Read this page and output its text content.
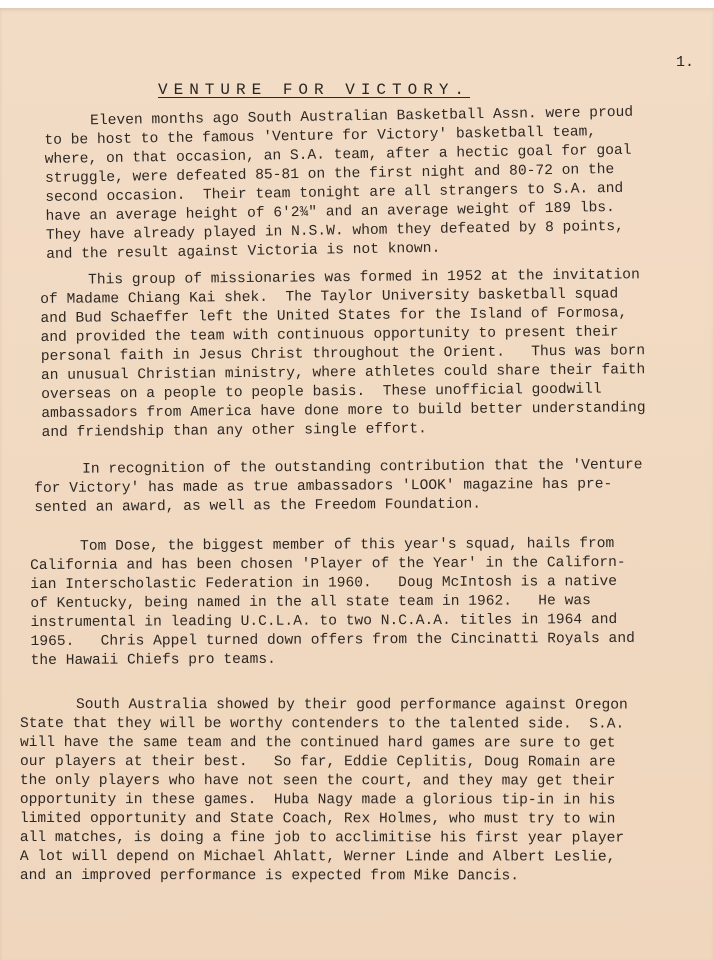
1.
VENTURE FOR VICTORY.
Eleven months ago South Australian Basketball Assn. were proud
to be host to the famous 'Venture for Victory' basketball team,
where, on that occasion, an S.A. team, after a hectic goal for goal
struggle, were defeated 85-81 on the first night and 80-72 on the
second occasion.  Their team tonight are all strangers to S.A. and
have an average height of 6'2¾" and an average weight of 189 lbs.
They have already played in N.S.W. whom they defeated by 8 points,
and the result against Victoria is not known.
This group of missionaries was formed in 1952 at the invitation
of Madame Chiang Kai shek.  The Taylor University basketball squad
and Bud Schaeffer left the United States for the Island of Formosa,
and provided the team with continuous opportunity to present their
personal faith in Jesus Christ throughout the Orient.   Thus was born
an unusual Christian ministry, where athletes could share their faith
overseas on a people to people basis.  These unofficial goodwill
ambassadors from America have done more to build better understanding
and friendship than any other single effort.
In recognition of the outstanding contribution that the 'Venture
for Victory' has made as true ambassadors 'LOOK' magazine has pre-
sented an award, as well as the Freedom Foundation.
Tom Dose, the biggest member of this year's squad, hails from
California and has been chosen 'Player of the Year' in the Californ-
ian Interscholastic Federation in 1960.   Doug McIntosh is a native
of Kentucky, being named in the all state team in 1962.   He was
instrumental in leading U.C.L.A. to two N.C.A.A. titles in 1964 and
1965.   Chris Appel turned down offers from the Cincinatti Royals and
the Hawaii Chiefs pro teams.
South Australia showed by their good performance against Oregon
State that they will be worthy contenders to the talented side.  S.A.
will have the same team and the continued hard games are sure to get
our players at their best.   So far, Eddie Ceplitis, Doug Romain are
the only players who have not seen the court, and they may get their
opportunity in these games.  Huba Nagy made a glorious tip-in in his
limited opportunity and State Coach, Rex Holmes, who must try to win
all matches, is doing a fine job to acclimitise his first year player
A lot will depend on Michael Ahlatt, Werner Linde and Albert Leslie,
and an improved performance is expected from Mike Dancis.
